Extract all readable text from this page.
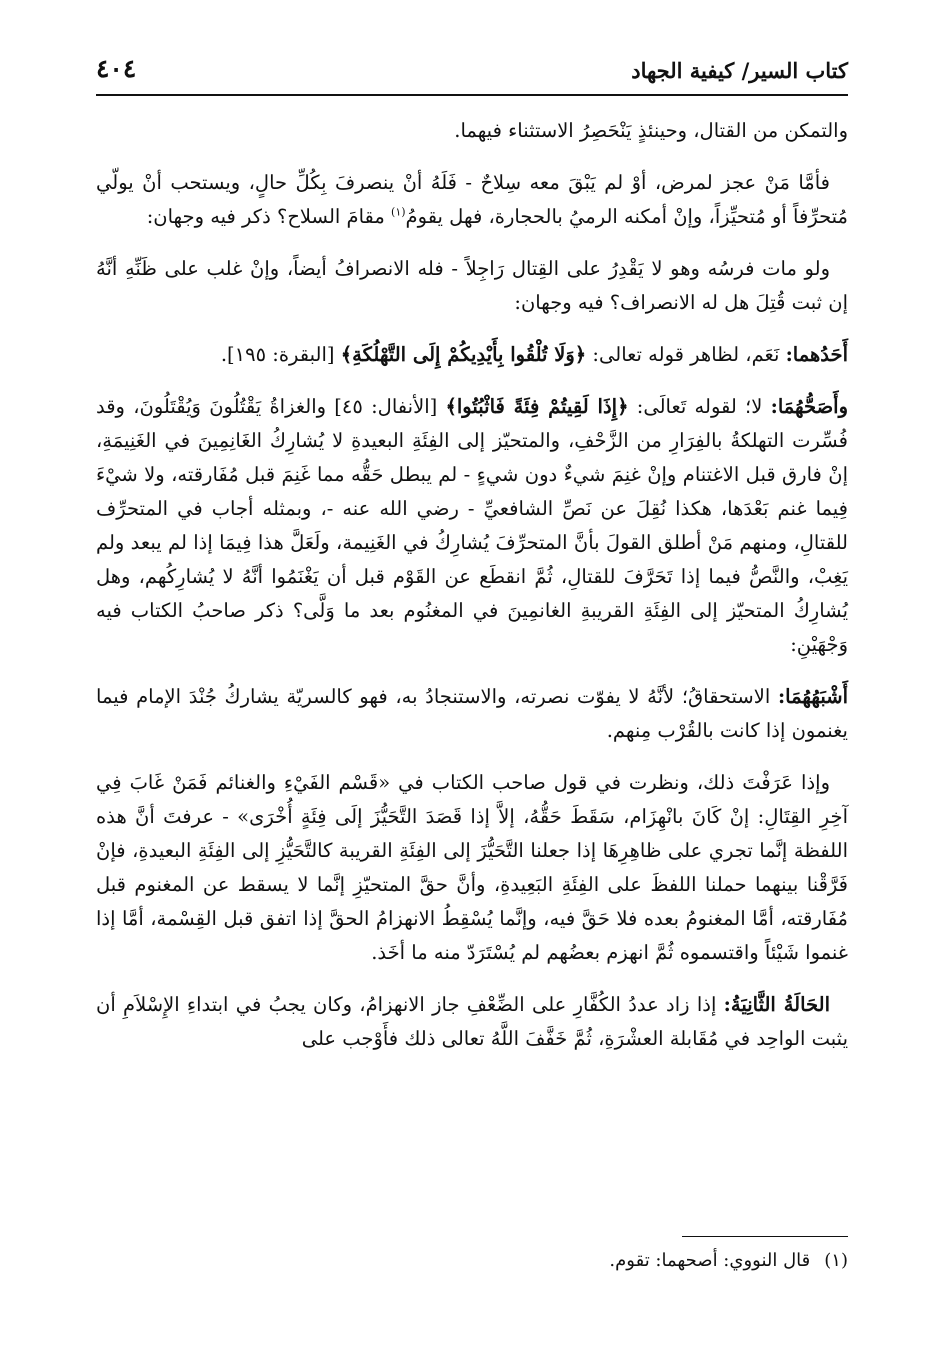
كتاب السير/ كيفية الجهاد
٤٠٤

والتمكن من القتال، وحينئذٍ يَنْحَصِرُ الاستثناء فيهما.

فأمَّا مَنْ عجز لمرض، أوْ لم يَبْقَ معه سِلاحٌ - فَلَهُ أنْ ينصرفَ بِكُلِّ حالٍ، ويستحب أنْ يولّي مُتحرِّفاً أو مُتحيِّزاً، وإنْ أمكنه الرميُ بالحجارة، فهل يقومُ$^{(١)}$ مقامَ السلاح؟ ذكر فيه وجهان:

ولو مات فرسُه وهو لا يَقْدِرُ على القِتال رَاجِلاً - فله الانصرافُ أيضاً، وإنْ غلب على ظَنِّهِ أنَّهُ إن ثبت قُتِلَ هل له الانصراف؟ فيه وجهان:

أَحَدُهما: نَعَم، لظاهر قوله تعالى: ﴿وَلَا تُلْقُوا بِأَيْدِيكُمْ إِلَى التَّهْلُكَةِ﴾ [البقرة: ١٩٥].

وأَصَحُّهُمَا: لا؛ لقوله تَعالَى: ﴿إِذَا لَقِيتُمْ فِئَةً فَاثْبُتُوا﴾ [الأنفال: ٤٥] والغزاةُ يَقْتُلُونَ وَيُقْتَلُونَ، وقد فُسِّرت التهلكةُ بالفِرَارِ من الزَّحْفِ، والمتحيّز إلى الفِئَةِ البعيدةِ لا يُشارِكُ الغَانِمِينَ في الغَنِيمَةِ، إنْ فارق قبل الاغتنام وإنْ غنِمَ شيءٌ دون شيءٍ - لم يبطل حَقُّه مما غَنِمَ قبل مُفَارقته، ولا شيْءَ فِيما غنم بَعْدَها، هكذا نُقِلَ عن نَصِّ الشافعيِّ - رضي الله عنه -، وبمثله أجاب في المتحرِّف للقتالِ، ومنهم مَنْ أطلق القولَ بأنَّ المتحرِّفَ يُشارِكُ في الغَنِيمة، ولَعَلَّ هذا فِيمَا إذا لم يبعد ولم يَغِبْ، والنَّصُّ فيما إذا تَحَرَّفَ للقتالِ، ثُمَّ انقطَع عن القَوْم قبل أن يَغْنَمُوا أنَّهُ لا يُشارِكُهم، وهل يُشارِكُ المتحيّز إلى الفِئَةِ القريبةِ الغانمِينَ في المغنُوم بعد ما وَلَّى؟ ذكر صاحبُ الكتاب فيه وَجْهَيْنِ:

أَشْبَهُهُمَا: الاستحقاقُ؛ لأنَّهُ لا يفوّت نصرته، والاستنجادُ به، فهو كالسريّة يشاركُ جُنْدَ الإمام فيما يغنمون إذا كانت بالقُرْب مِنهم.

وإذا عَرَفْتَ ذلك، ونظرت في قول صاحب الكتاب في «قَسْم الفَيْءِ والغنائم فَمَنْ غَابَ فِي آخِرِ القِتَالِ: إنْ كَانَ بانْهِزَام، سَقَطَ حَقُّهُ، إلاَّ إذا قَصَدَ التَّحَيُّزَ إلَى فِئَةٍ أُخْرَى» - عرفتَ أنَّ هذه اللفظة إنَّما تجري على ظاهِرِهَا إذا جعلنا التَّحَيُّزَ إلى الفِئَةِ القريبة كالتَّحَيُّزِ إلى الفِئَةِ البعيدةِ، فإنْ فَرَّقْنا بينهما حملنا اللفظَ على الفِئَةِ البَعِيدةِ، وأنَّ حقَّ المتحيّزِ إنَّما لا يسقط عن المغنوم قبل مُفَارقته، أمَّا المغنومُ بعده فلا حَقَّ فيه، وإنَّما يُسْقِطُ الانهزامُ الحقَّ إذا اتفق قبل القِسْمة، أمَّا إذا غنموا شَيْئاً واقتسموه ثُمَّ انهزم بعضُهم لم يُسْتَرَدّ منه ما أخَذ.

الحَالَةُ الثَّانِيَةُ: إذا زاد عددُ الكُفَّارِ على الضِّعْفِ جاز الانهزامُ، وكان يجبُ في ابتداءِ الإِسْلاَمِ أن يثبت الواحِد في مُقَابلة العشْرَةِ، ثُمَّ خَفَّفَ اللَّهُ تعالى ذلك فأَوْجب على

(١)قال النووي: أصحهما: تقوم.
